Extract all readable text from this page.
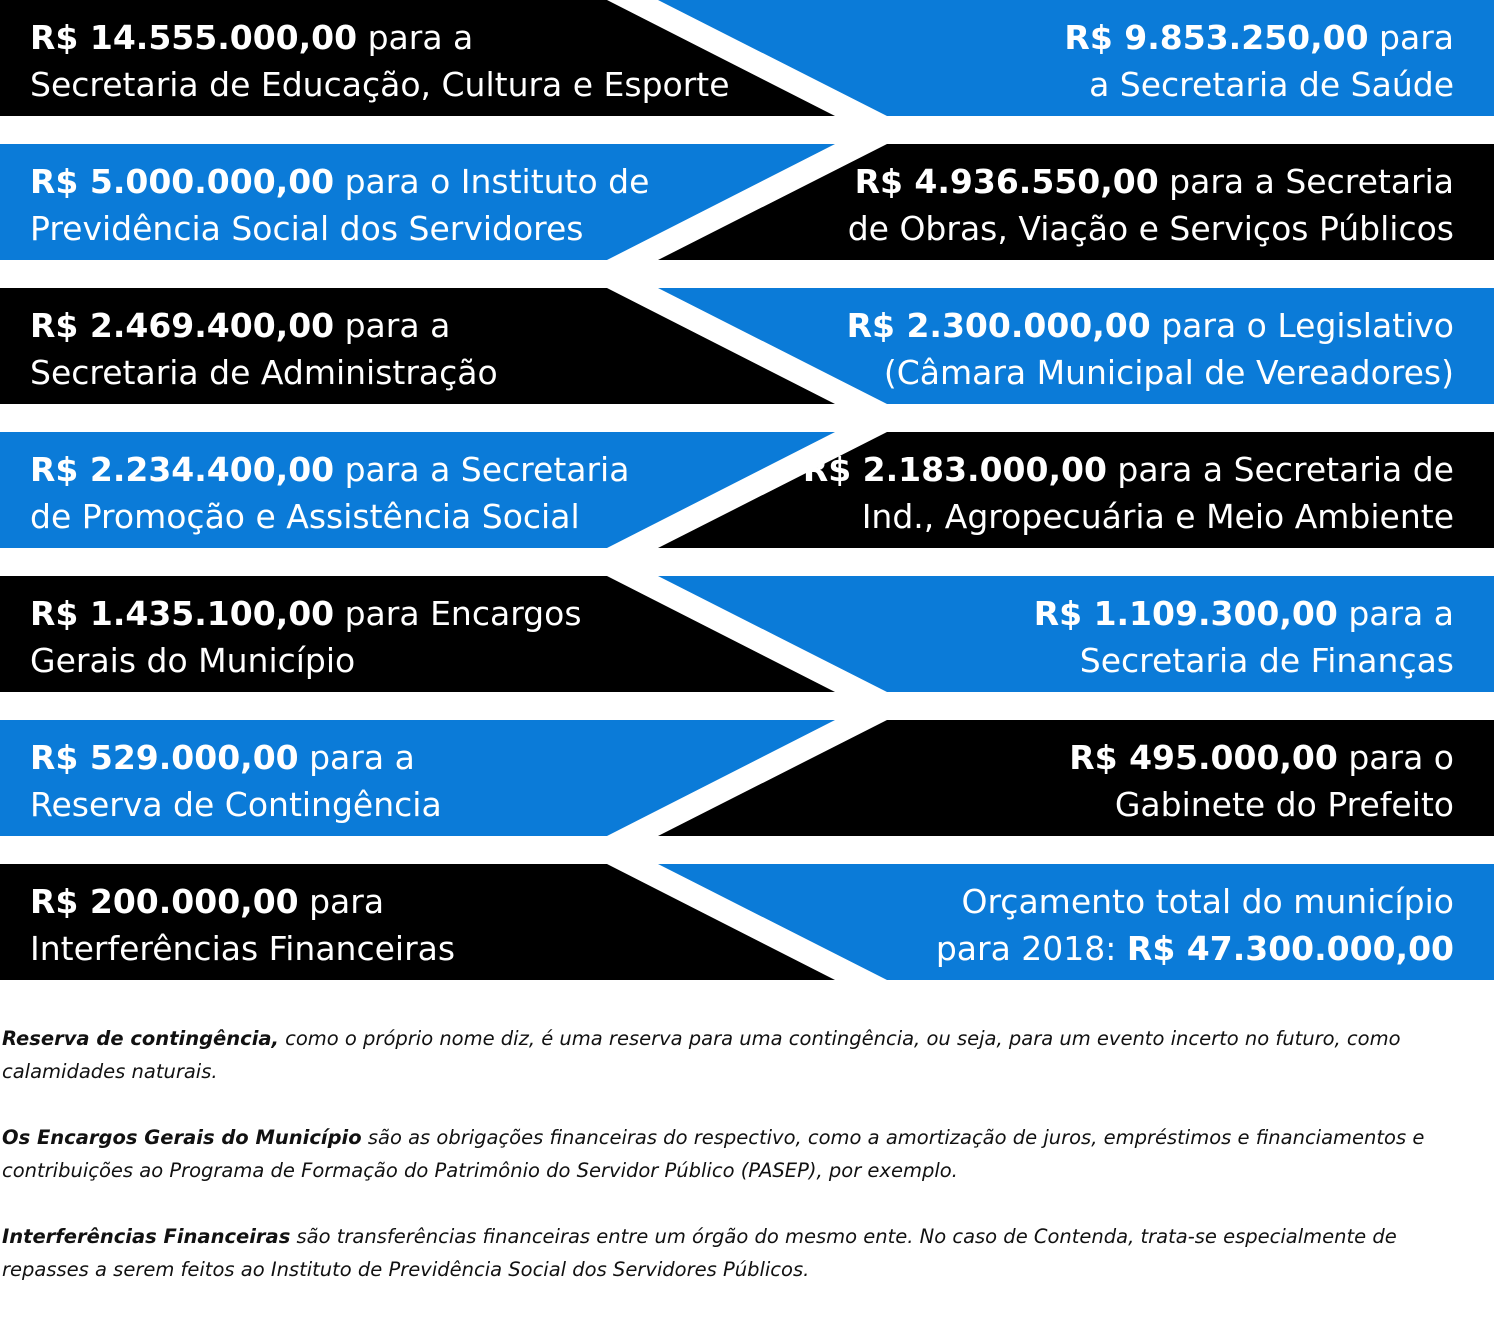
R$ 14.555.000,00 para a
Secretaria de Educação, Cultura e Esporte
R$ 9.853.250,00 para
a Secretaria de Saúde
R$ 5.000.000,00 para o Instituto de
Previdência Social dos Servidores
R$ 4.936.550,00 para a Secretaria
de Obras, Viação e Serviços Públicos
R$ 2.469.400,00 para a
Secretaria de Administração
R$ 2.300.000,00 para o Legislativo
(Câmara Municipal de Vereadores)
R$ 2.234.400,00 para a Secretaria
de Promoção e Assistência Social
R$ 2.183.000,00 para a Secretaria de
Ind., Agropecuária e Meio Ambiente
R$ 1.435.100,00 para Encargos
Gerais do Município
R$ 1.109.300,00 para a
Secretaria de Finanças
R$ 529.000,00 para a
Reserva de Contingência
R$ 495.000,00 para o
Gabinete do Prefeito
R$ 200.000,00 para
Interferências Financeiras
Orçamento total do município
para 2018: R$ 47.300.000,00

Reserva de contingência, como o próprio nome diz, é uma reserva para uma contingência, ou seja, para um evento incerto no futuro, como calamidades naturais.

Os Encargos Gerais do Município são as obrigações financeiras do respectivo, como a amortização de juros, empréstimos e financiamentos e contribuições ao Programa de Formação do Patrimônio do Servidor Público (PASEP), por exemplo.

Interferências Financeiras são transferências financeiras entre um órgão do mesmo ente. No caso de Contenda, trata-se especialmente de repasses a serem feitos ao Instituto de Previdência Social dos Servidores Públicos.
